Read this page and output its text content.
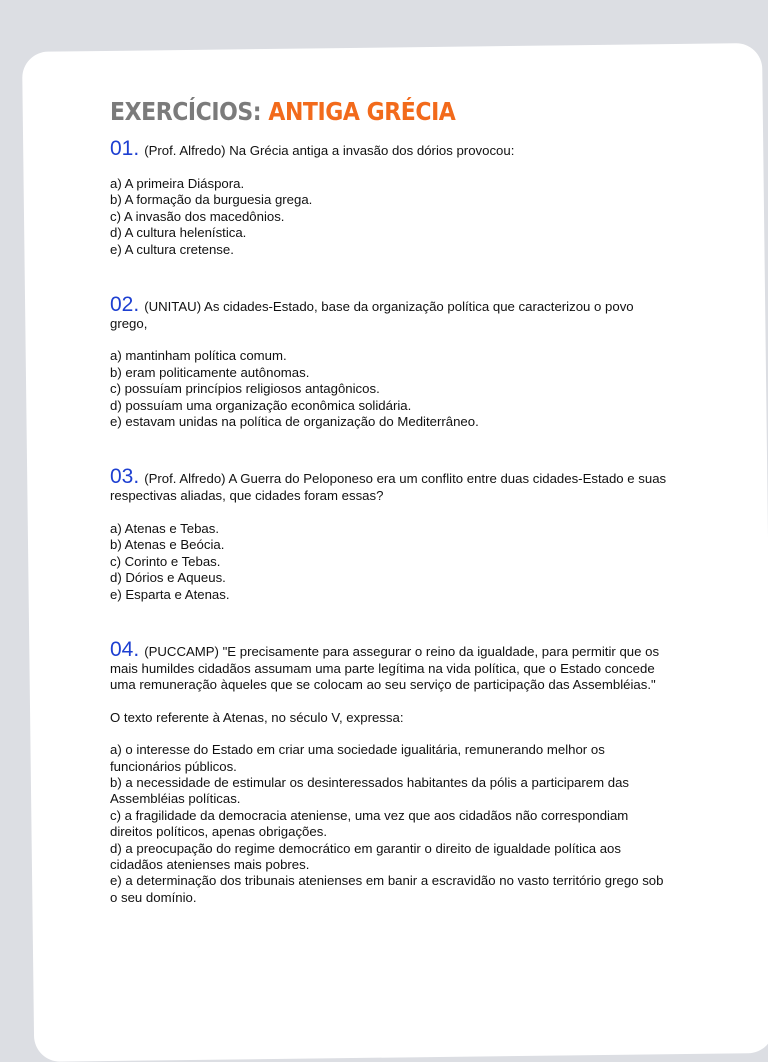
EXERCÍCIOS: ANTIGA GRÉCIA

01. (Prof. Alfredo) Na Grécia antiga a invasão dos dórios provocou:

a) A primeira Diáspora.
b) A formação da burguesia grega.
c) A invasão dos macedônios.
d) A cultura helenística.
e) A cultura cretense.

02. (UNITAU) As cidades-Estado, base da organização política que caracterizou o povo grego,

a) mantinham política comum.
b) eram politicamente autônomas.
c) possuíam princípios religiosos antagônicos.
d) possuíam uma organização econômica solidária.
e) estavam unidas na política de organização do Mediterrâneo.

03. (Prof. Alfredo) A Guerra do Peloponeso era um conflito entre duas cidades-Estado e suas respectivas aliadas, que cidades foram essas?

a) Atenas e Tebas.
b) Atenas e Beócia.
c) Corinto e Tebas.
d) Dórios e Aqueus.
e) Esparta e Atenas.

04. (PUCCAMP) "E precisamente para assegurar o reino da igualdade, para permitir que os mais humildes cidadãos assumam uma parte legítima na vida política, que o Estado concede uma remuneração àqueles que se colocam ao seu serviço de participação das Assembléias."

O texto referente à Atenas, no século V, expressa:

a) o interesse do Estado em criar uma sociedade igualitária, remunerando melhor os funcionários públicos.
b) a necessidade de estimular os desinteressados habitantes da pólis a participarem das Assembléias políticas.
c) a fragilidade da democracia ateniense, uma vez que aos cidadãos não correspondiam direitos políticos, apenas obrigações.
d) a preocupação do regime democrático em garantir o direito de igualdade política aos cidadãos atenienses mais pobres.
e) a determinação dos tribunais atenienses em banir a escravidão no vasto território grego sob o seu domínio.
